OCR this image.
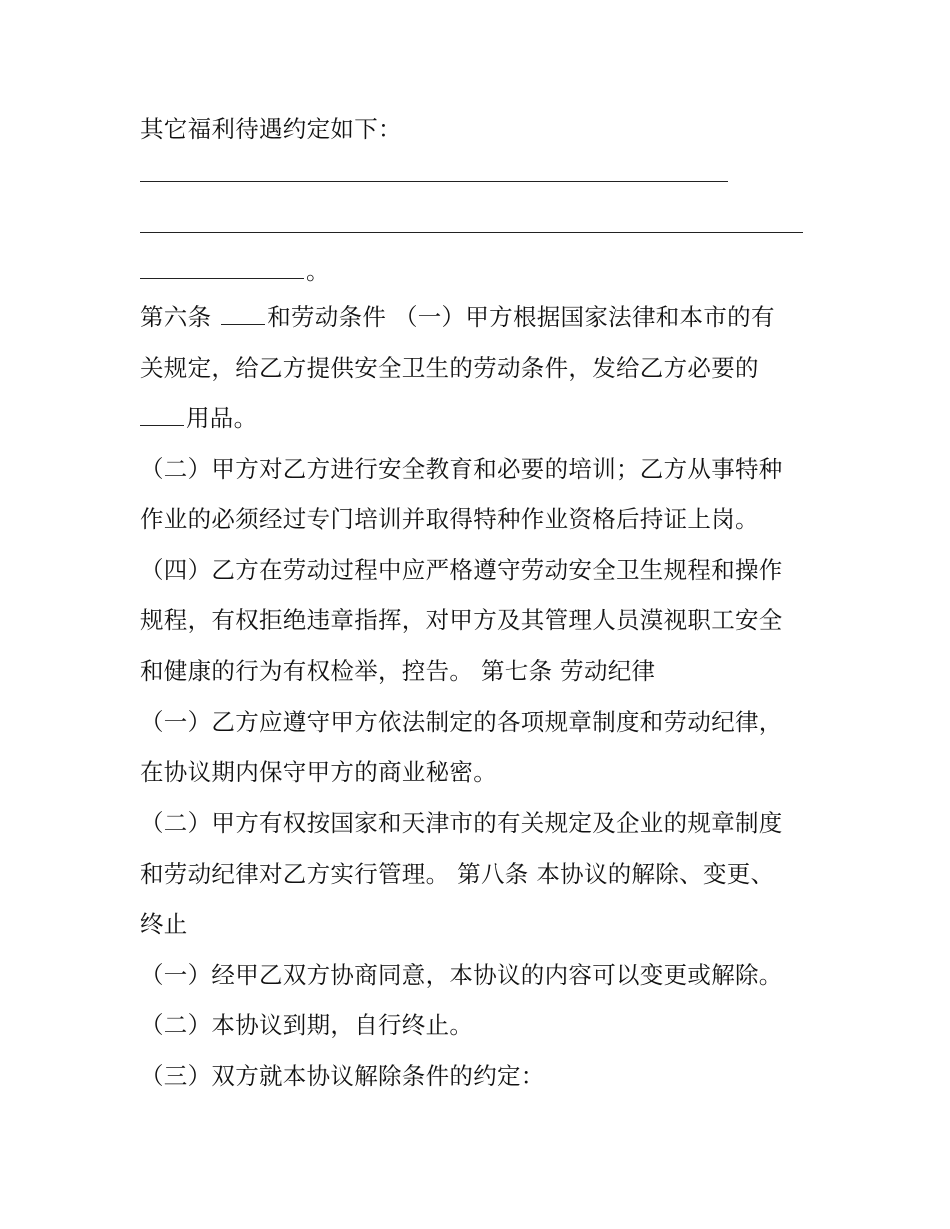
其它福利待遇约定如下：
。
第六条 和劳动条件 （一）甲方根据国家法律和本市的有
关规定，给乙方提供安全卫生的劳动条件，发给乙方必要的
用品。
（二）甲方对乙方进行安全教育和必要的培训；乙方从事特种
作业的必须经过专门培训并取得特种作业资格后持证上岗。
（四）乙方在劳动过程中应严格遵守劳动安全卫生规程和操作
规程，有权拒绝违章指挥，对甲方及其管理人员漠视职工安全
和健康的行为有权检举，控告。 第七条 劳动纪律
（一）乙方应遵守甲方依法制定的各项规章制度和劳动纪律，
在协议期内保守甲方的商业秘密。
（二）甲方有权按国家和天津市的有关规定及企业的规章制度
和劳动纪律对乙方实行管理。 第八条 本协议的解除、变更、
终止
（一）经甲乙双方协商同意，本协议的内容可以变更或解除。
（二）本协议到期，自行终止。
（三）双方就本协议解除条件的约定：
